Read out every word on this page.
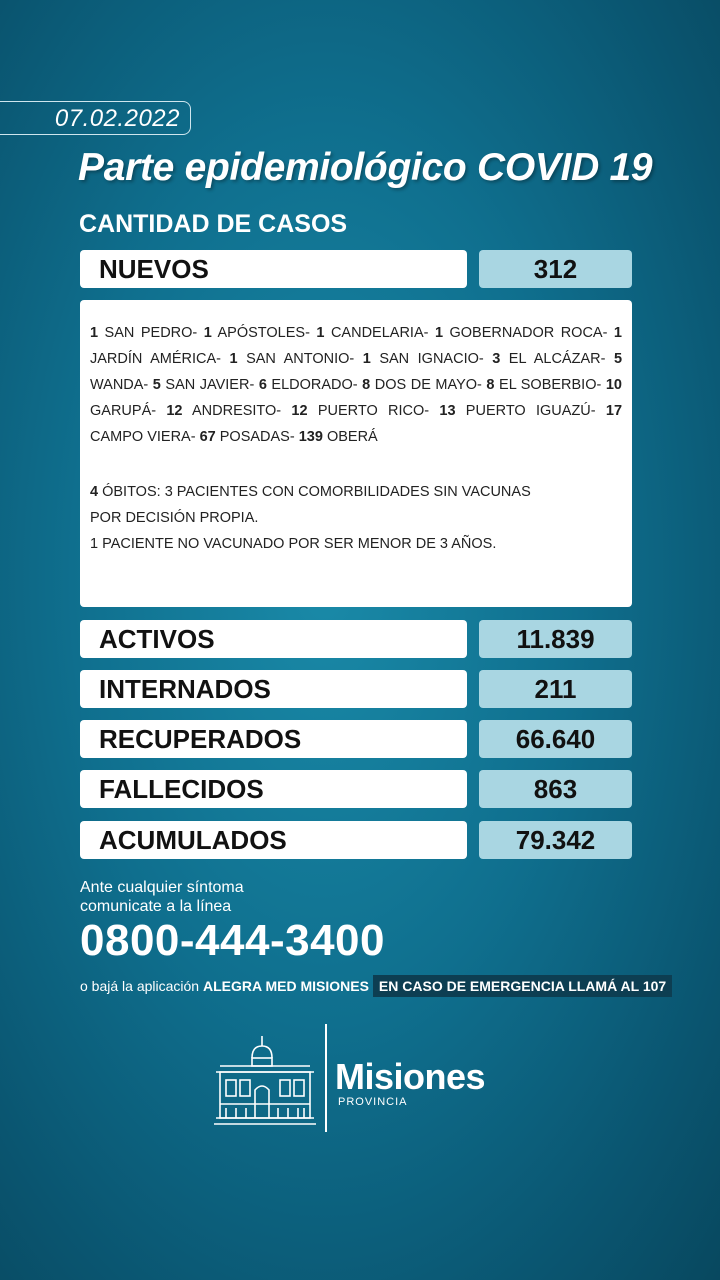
07.02.2022
Parte epidemiológico COVID 19
CANTIDAD DE CASOS
NUEVOS	312
1 SAN PEDRO- 1 APÓSTOLES- 1 CANDELARIA- 1 GOBERNADOR ROCA- 1 JARDÍN AMÉRICA- 1 SAN ANTONIO- 1 SAN IGNACIO- 3 EL ALCÁZAR- 5 WANDA- 5 SAN JAVIER- 6 ELDORADO- 8 DOS DE MAYO- 8 EL SOBERBIO- 10 GARUPÁ- 12 ANDRESITO- 12 PUERTO RICO- 13 PUERTO IGUAZÚ- 17 CAMPO VIERA- 67 POSADAS- 139 OBERÁ
4 ÓBITOS: 3 PACIENTES CON COMORBILIDADES SIN VACUNAS
POR DECISIÓN PROPIA.
1 PACIENTE NO VACUNADO POR SER MENOR DE 3 AÑOS.
ACTIVOS	11.839
INTERNADOS	211
RECUPERADOS	66.640
FALLECIDOS	863
ACUMULADOS	79.342
Ante cualquier síntoma
comunicate a la línea
0800-444-3400
o bajá la aplicación ALEGRA MED MISIONES EN CASO DE EMERGENCIA LLAMÁ AL 107
Misiones
PROVINCIA
